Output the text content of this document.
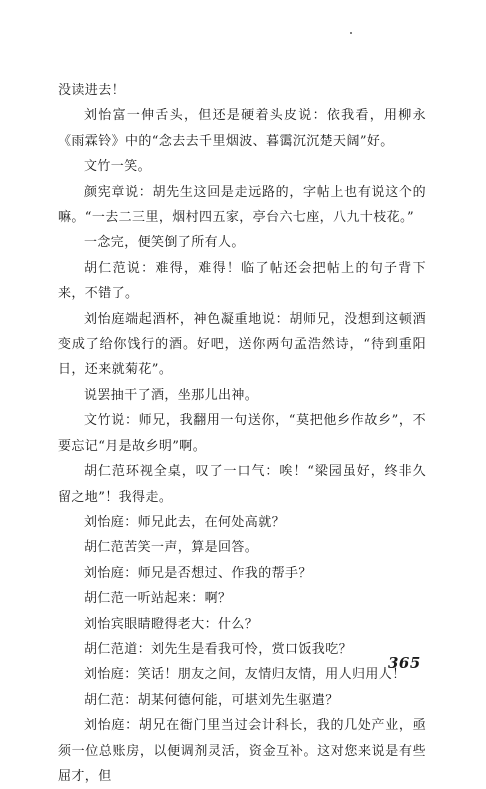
没读进去！

刘怡富一伸舌头，但还是硬着头皮说：依我看，用柳永《雨霖铃》中的“念去去千里烟波、暮霭沉沉楚天阔”好。

文竹一笑。

颜宪章说：胡先生这回是走远路的，字帖上也有说这个的嘛。“一去二三里，烟村四五家，亭台六七座，八九十枝花。”

一念完，便笑倒了所有人。

胡仁范说：难得，难得！临了帖还会把帖上的句子背下来，不错了。

刘怡庭端起酒杯，神色凝重地说：胡师兄，没想到这顿酒变成了给你饯行的酒。好吧，送你两句孟浩然诗，“待到重阳日，还来就菊花”。

说罢抽干了酒，坐那儿出神。

文竹说：师兄，我翻用一句送你，“莫把他乡作故乡”，不要忘记“月是故乡明”啊。

胡仁范环视全桌，叹了一口气：唉！“梁园虽好，终非久留之地”！我得走。

刘怡庭：师兄此去，在何处高就？

胡仁范苦笑一声，算是回答。

刘怡庭：师兄是否想过、作我的帮手？

胡仁范一听站起来：啊？

刘怡宾眼睛瞪得老大：什么？

胡仁范道：刘先生是看我可怜，赏口饭我吃？

刘怡庭：笑话！朋友之间，友情归友情，用人归用人！

胡仁范：胡某何德何能，可堪刘先生驱遣？

刘怡庭：胡兄在衙门里当过会计科长，我的几处产业，亟须一位总账房，以便调剂灵活，资金互补。这对您来说是有些屈才，但

365
